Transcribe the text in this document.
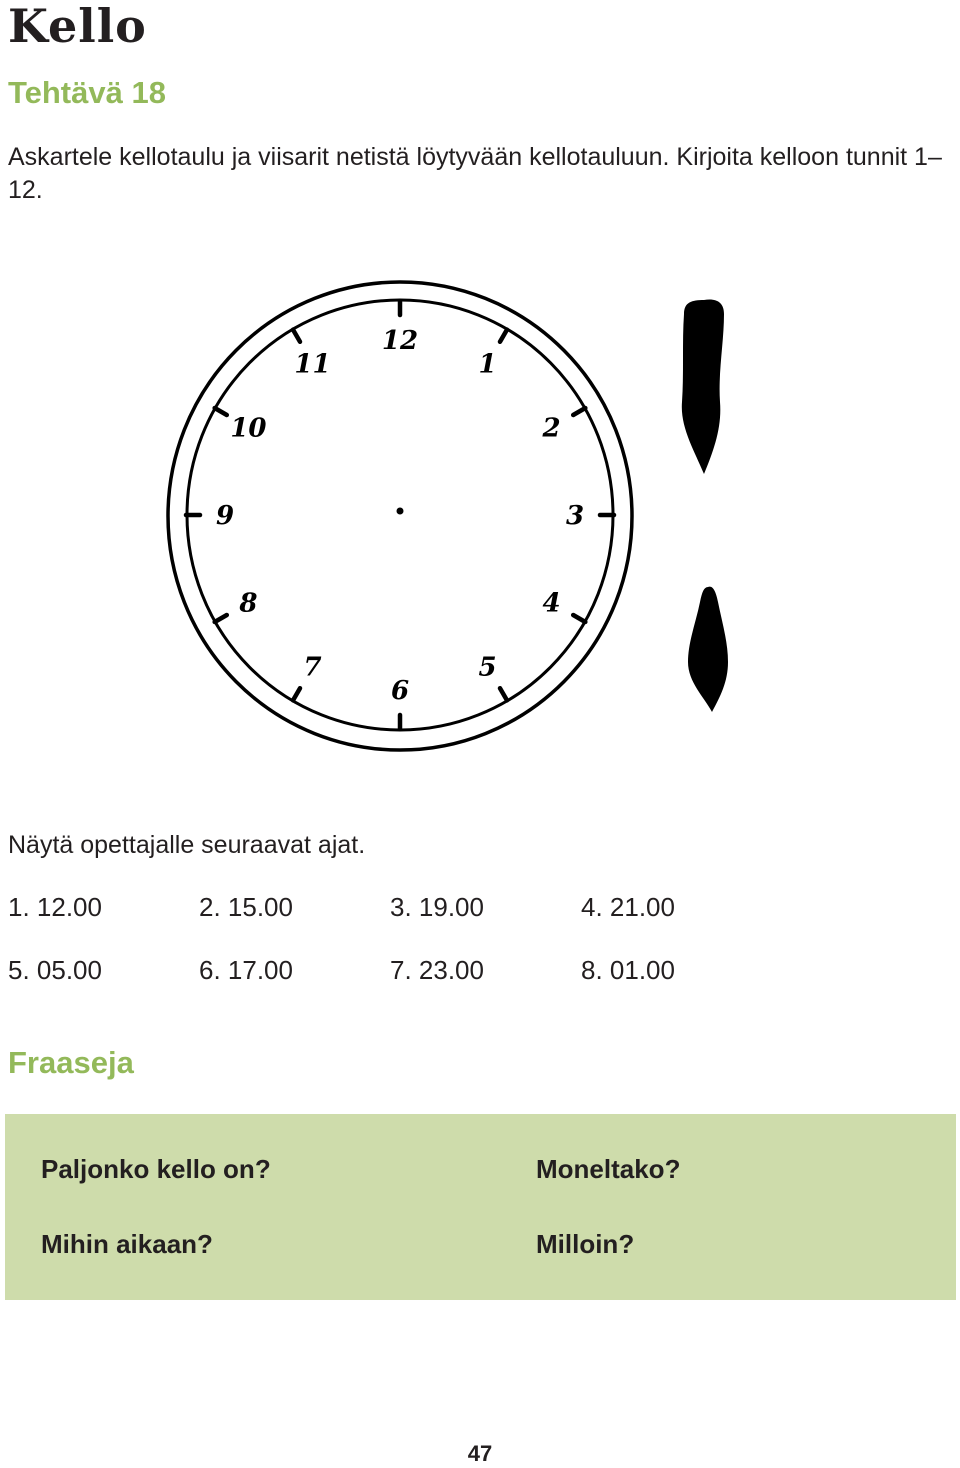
Kello
Tehtävä 18

Askartele kellotaulu ja viisarit netistä löytyvään kellotauluun. Kirjoita kelloon tunnit 1–12.

1
2
3
4
5
6
7
8
9
10
11
12

Näytä opettajalle seuraavat ajat.

1. 12.00	2. 15.00	3. 19.00	4. 21.00
5. 05.00	6. 17.00	7. 23.00	8. 01.00
Fraaseja
Paljonko kello on?	Moneltako?
Mihin aikaan?	Milloin?
47
